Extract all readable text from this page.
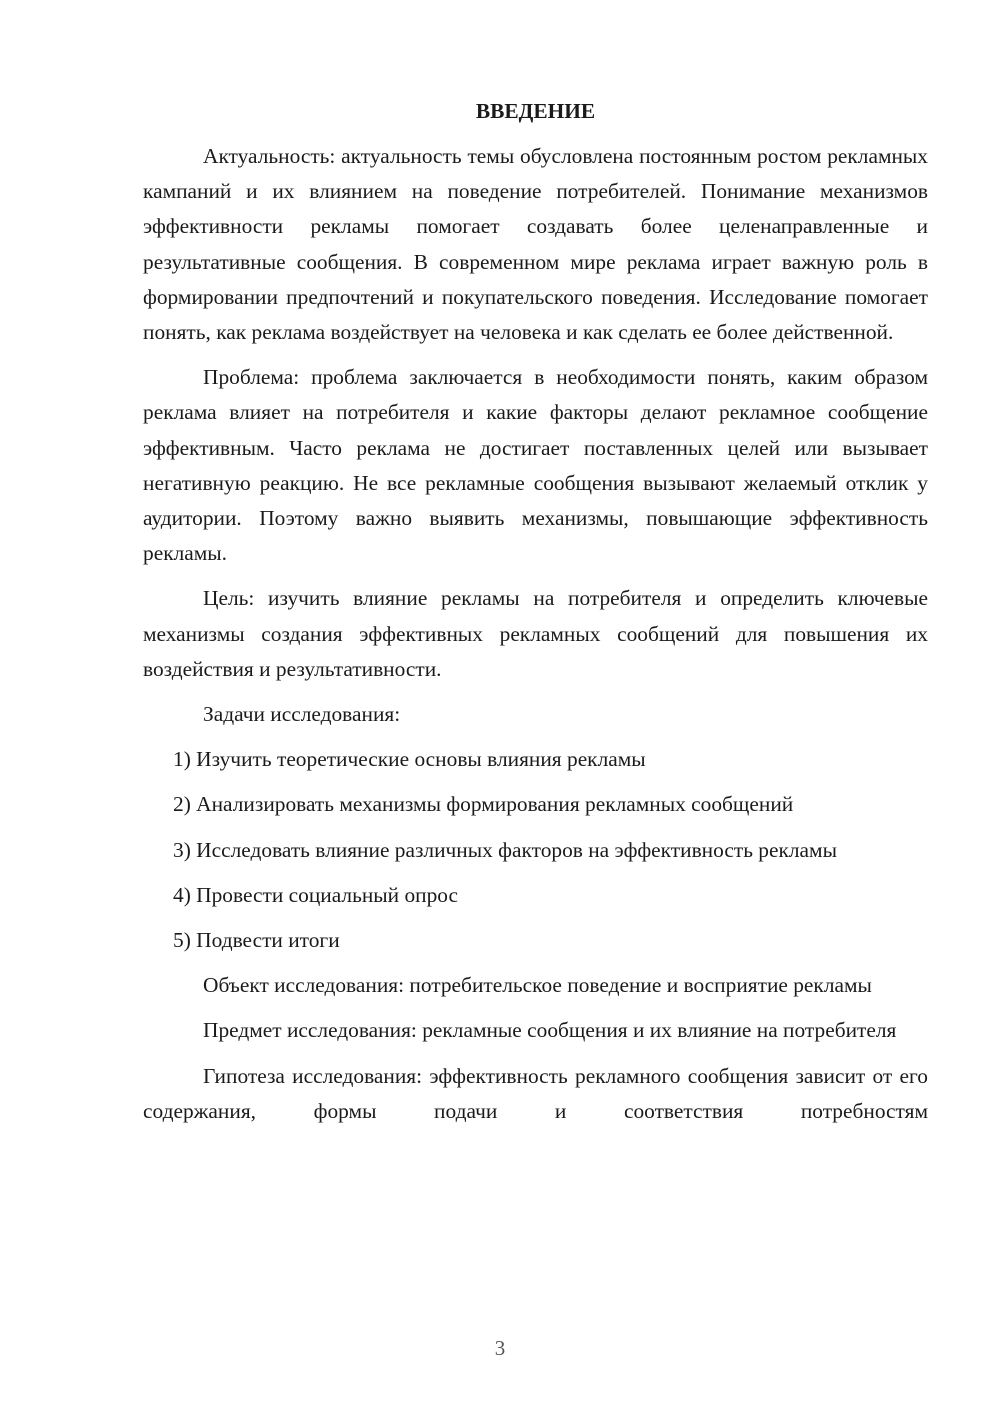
ВВЕДЕНИЕ

Актуальность: актуальность темы обусловлена постоянным ростом рекламных кампаний и их влиянием на поведение потребителей. Понимание механизмов эффективности рекламы помогает создавать более целенаправленные и результативные сообщения. В современном мире реклама играет важную роль в формировании предпочтений и покупательского поведения. Исследование помогает понять, как реклама воздействует на человека и как сделать ее более действенной.

Проблема: проблема заключается в необходимости понять, каким образом реклама влияет на потребителя и какие факторы делают рекламное сообщение эффективным. Часто реклама не достигает поставленных целей или вызывает негативную реакцию. Не все рекламные сообщения вызывают желаемый отклик у аудитории. Поэтому важно выявить механизмы, повышающие эффективность рекламы.

Цель: изучить влияние рекламы на потребителя и определить ключевые механизмы создания эффективных рекламных сообщений для повышения их воздействия и результативности.

Задачи исследования:

1) Изучить теоретические основы влияния рекламы

2) Анализировать механизмы формирования рекламных сообщений

3) Исследовать влияние различных факторов на эффективность рекламы

4) Провести социальный опрос

5) Подвести итоги

Объект исследования: потребительское поведение и восприятие рекламы

Предмет исследования: рекламные сообщения и их влияние на потребителя

Гипотеза исследования: эффективность рекламного сообщения зависит от его содержания, формы подачи и соответствия потребностям

3
